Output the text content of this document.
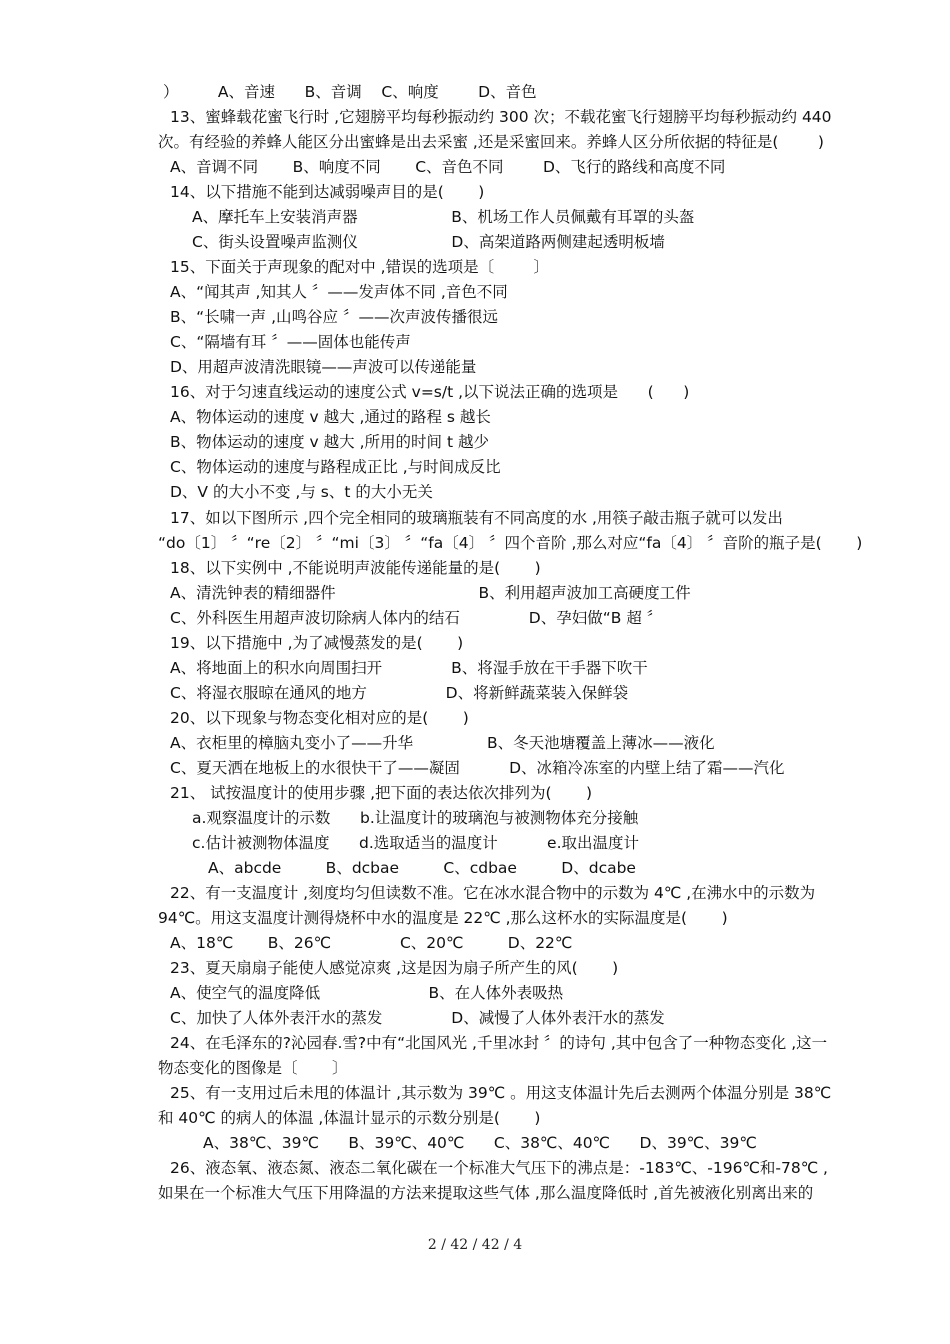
）        A、音速      B、音调    C、响度        D、音色
13、蜜蜂载花蜜飞行时 ,它翅膀平均每秒振动约 300 次；不载花蜜飞行翅膀平均每秒振动约 440
次。有经验的养蜂人能区分出蜜蜂是出去采蜜 ,还是采蜜回来。养蜂人区分所依据的特征是(        )
A、音调不同       B、响度不同       C、音色不同        D、飞行的路线和高度不同
14、以下措施不能到达减弱噪声目的是(       )
A、摩托车上安装消声器                   B、机场工作人员佩戴有耳罩的头盔
C、街头设置噪声监测仪                   D、高架道路两侧建起透明板墙
15、下面关于声现象的配对中 ,错误的选项是〔        〕
A、“闻其声 ,知其人 〞——发声体不同 ,音色不同
B、“长啸一声 ,山鸣谷应 〞——次声波传播很远
C、“隔墙有耳 〞——固体也能传声
D、用超声波清洗眼镜——声波可以传递能量
16、对于匀速直线运动的速度公式 v=s/t ,以下说法正确的选项是      (      )
A、物体运动的速度 v 越大 ,通过的路程 s 越长
B、物体运动的速度 v 越大 ,所用的时间 t 越少
C、物体运动的速度与路程成正比 ,与时间成反比
D、V 的大小不变 ,与 s、t 的大小无关
17、如以下图所示 ,四个完全相同的玻璃瓶装有不同高度的水 ,用筷子敲击瓶子就可以发出
“do〔1〕 〞“re〔2〕 〞“mi〔3〕 〞“fa〔4〕 〞四个音阶 ,那么对应“fa〔4〕 〞音阶的瓶子是(       )
18、以下实例中 ,不能说明声波能传递能量的是(       )
A、清洗钟表的精细器件                             B、利用超声波加工高硬度工件
C、外科医生用超声波切除病人体内的结石              D、孕妇做“B 超 〞
19、以下措施中 ,为了减慢蒸发的是(       )
A、将地面上的积水向周围扫开              B、将湿手放在干手器下吹干
C、将湿衣服晾在通风的地方                D、将新鲜蔬菜装入保鲜袋
20、以下现象与物态变化相对应的是(       )
A、衣柜里的樟脑丸变小了——升华               B、冬天池塘覆盖上薄冰——液化
C、夏天洒在地板上的水很快干了——凝固          D、冰箱冷冻室的内壁上结了霜——汽化
21、 试按温度计的使用步骤 ,把下面的表达依次排列为(       )
a.观察温度计的示数      b.让温度计的玻璃泡与被测物体充分接触
c.估计被测物体温度      d.选取适当的温度计          e.取出温度计
A、abcde         B、dcbae         C、cdbae         D、dcabe
22、有一支温度计 ,刻度均匀但读数不准。它在冰水混合物中的示数为 4℃ ,在沸水中的示数为
94℃。用这支温度计测得烧杯中水的温度是 22℃ ,那么这杯水的实际温度是(       )
A、18℃       B、26℃              C、20℃         D、22℃
23、夏天扇扇子能使人感觉凉爽 ,这是因为扇子所产生的风(       )
A、使空气的温度降低                      B、在人体外表吸热
C、加快了人体外表汗水的蒸发              D、减慢了人体外表汗水的蒸发
24、在毛泽东的?沁园春.雪?中有“北国风光 ,千里冰封 〞的诗句 ,其中包含了一种物态变化 ,这一
物态变化的图像是〔       〕
25、有一支用过后未甩的体温计 ,其示数为 39℃ 。用这支体温计先后去测两个体温分别是 38℃
和 40℃ 的病人的体温 ,体温计显示的示数分别是(       )
A、38℃、39℃      B、39℃、40℃      C、38℃、40℃      D、39℃、39℃
26、液态氧、液态氮、液态二氧化碳在一个标准大气压下的沸点是：-183℃、-196℃和-78℃ ,
如果在一个标准大气压下用降温的方法来提取这些气体 ,那么温度降低时 ,首先被液化别离出来的
2 / 42 / 42 / 4
